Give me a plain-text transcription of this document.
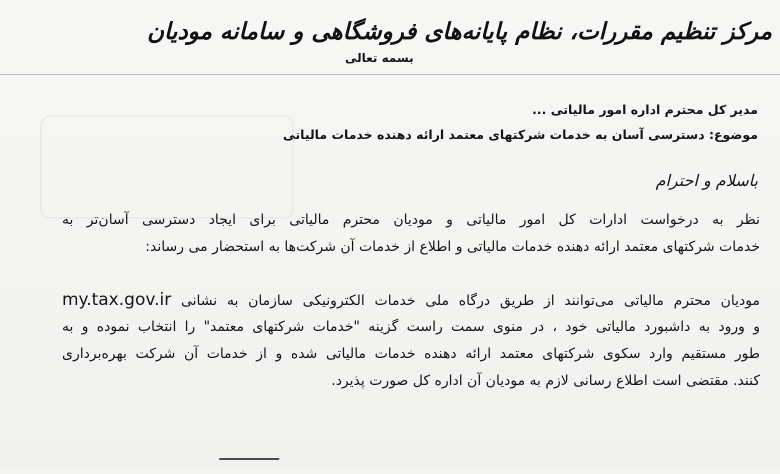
مرکز تنظیم مقررات، نظام پایانه‌های فروشگاهی و سامانه مودیان
بسمه تعالی
مدیر کل محترم اداره امور مالیاتی ...
موضوع: دسترسی آسان به خدمات شرکتهای معتمد ارائه دهنده خدمات مالیاتی
باسلام و احترام
نظر به درخواست ادارات کل امور مالیاتی و مودیان محترم مالیاتی برای ایجاد دسترسی آسان‌تر به
خدمات شرکتهای معتمد ارائه دهنده خدمات مالیاتی و اطلاع از خدمات آن شرکت‌ها به استحضار می رساند:
مودیان محترم مالیاتی می‌توانند از طریق درگاه ملی خدمات الکترونیکی سازمان به نشانی my.tax.gov.ir
و ورود به داشبورد مالیاتی خود ، در منوی سمت راست گزینه "خدمات شرکتهای معتمد" را انتخاب نموده و به
طور مستقیم وارد سکوی شرکتهای معتمد ارائه دهنده خدمات مالیاتی شده و از خدمات آن شرکت بهره‌برداری
کنند. مقتضی است اطلاع رسانی لازم به مودیان آن اداره کل صورت پذیرد.
